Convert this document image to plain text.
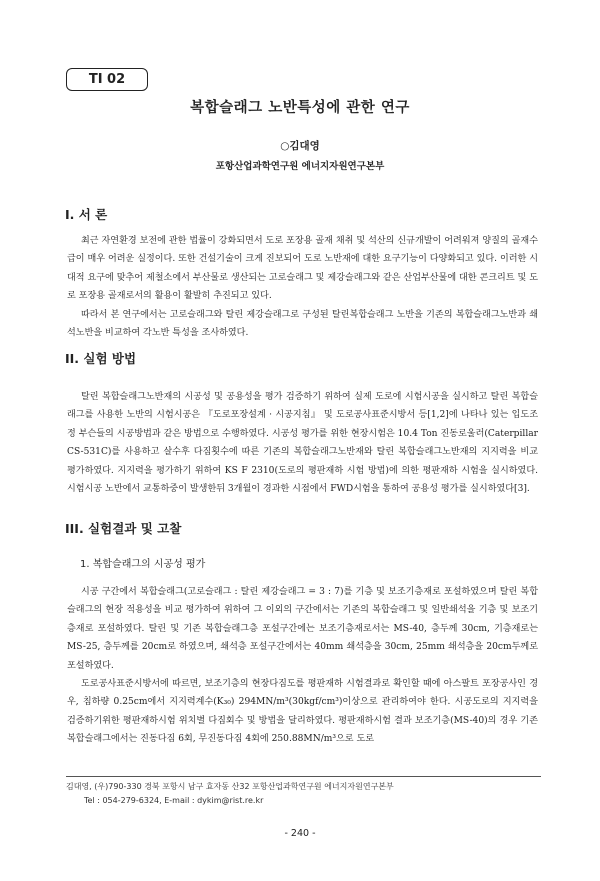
TI 02
복합슬래그 노반특성에 관한 연구
○김대영
포항산업과학연구원 에너지자원연구본부
I. 서 론

최근 자연환경 보전에 관한 법률이 강화되면서 도로 포장용 골재 채취 및 석산의 신규개발이 어려워져 양질의 골재수급이 매우 어려운 실정이다. 또한 건설기술이 크게 진보되어 도로 노반재에 대한 요구기능이 다양화되고 있다. 이러한 시대적 요구에 맞추어 제철소에서 부산물로 생산되는 고로슬래그 및 제강슬래그와 같은 산업부산물에 대한 콘크리트 및 도로 포장용 골재로서의 활용이 활발히 추진되고 있다.

따라서 본 연구에서는 고로슬래그와 탈린 제강슬래그로 구성된 탈린복합슬래그 노반을 기존의 복합슬래그노반과 쇄석노반을 비교하여 각노반 특성을 조사하였다.

II. 실험 방법

탈린 복합슬래그노반재의 시공성 및 공용성을 평가 검증하기 위하여 실제 도로에 시험시공을 실시하고 탈린 복합슬래그를 사용한 노반의 시험시공은 『도로포장설계 · 시공지침』 및 도로공사표준시방서 등[1,2]에 나타나 있는 입도조정 부슨들의 시공방법과 같은 방법으로 수행하였다. 시공성 평가를 위한 현장시험은 10.4 Ton 진동로울러(Caterpillar CS-531C)를 사용하고 살수후 다짐횟수에 따른 기존의 복합슬래그노반재와 탈린 복합슬래그노반재의 지지력을 비교 평가하였다. 지지력을 평가하기 위하여 KS F 2310(도로의 평판재하 시험 방법)에 의한 평판재하 시험을 실시하였다. 시험시공 노반에서 교통하중이 발생한뒤 3개월이 경과한 시점에서 FWD시험을 통하여 공용성 평가를 실시하였다[3].

III. 실험결과 및 고찰
1. 복합슬래그의 시공성 평가

시공 구간에서 복합슬래그(고로슬래그 : 탈린 제강슬래그 = 3 : 7)를 기층 및 보조기층재로 포설하였으며 탈린 복합슬래그의 현장 적용성을 비교 평가하여 위하여 그 이외의 구간에서는 기존의 복합슬래그 및 일반쇄석을 기층 및 보조기층재로 포설하였다. 탈린 및 기존 복합슬래그층 포설구간에는 보조기층재로서는 MS-40, 층두께 30cm, 기층재로는 MS-25, 층두께를 20cm로 하였으며, 쇄석층 포설구간에서는 40mm 쇄석층을 30cm, 25mm 쇄석층을 20cm두께로 포설하였다.

도로공사표준시방서에 따르면, 보조기층의 현장다짐도를 평판재하 시험결과로 확인할 때에 아스팔트 포장공사인 경우, 침하량 0.25cm에서 지지력계수(K₃₀) 294MN/m³(30kgf/cm³)이상으로 관리하여야 한다. 시공도로의 지지력을 검증하기위한 평판재하시험 위치별 다짐회수 및 방법을 달리하였다. 평판재하시험 결과 보조기층(MS-40)의 경우 기존 복합슬래그에서는 진동다짐 6회, 무진동다짐 4회에 250.88MN/m³으로 도로

김대영, (우)790-330 경북 포항시 남구 효자동 산32 포항산업과학연구원 에너지자원연구본부
Tel : 054-279-6324, E-mail : dykim@rist.re.kr
- 240 -
